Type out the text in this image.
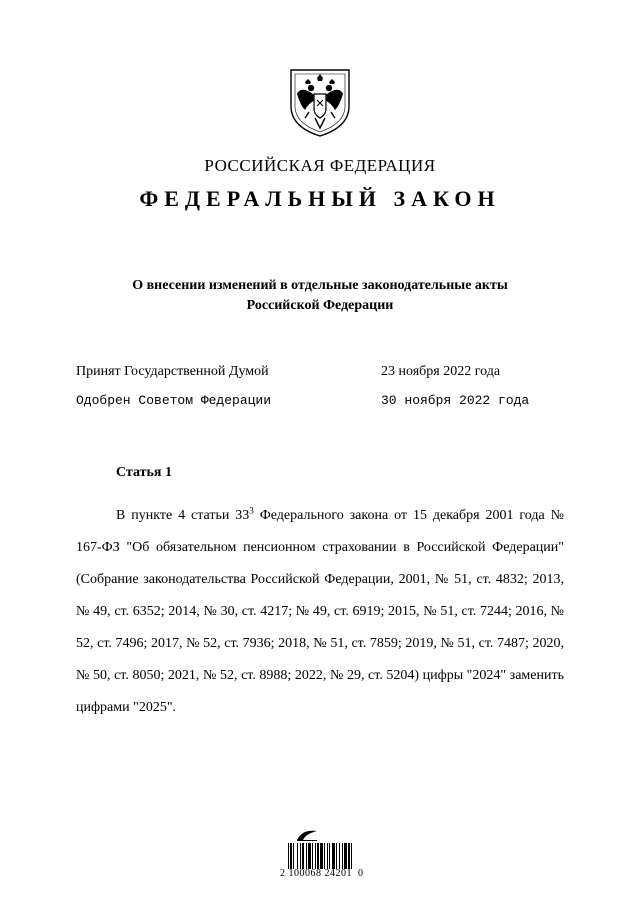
РОССИЙСКАЯ ФЕДЕРАЦИЯ
ФЕДЕРАЛЬНЫЙ ЗАКОН
О внесении изменений в отдельные законодательные акты
Российской Федерации
Принят Государственной Думой	23 ноября 2022 года
Одобрен Советом Федерации	30 ноября 2022 года
Статья 1

В пункте 4 статьи $33^3$ Федерального закона от 15 декабря 2001 года № 167-ФЗ "Об обязательном пенсионном страховании в Российской Федерации" (Собрание законодательства Российской Федерации, 2001, № 51, ст. 4832; 2013, № 49, ст. 6352; 2014, № 30, ст. 4217; № 49, ст. 6919; 2015, № 51, ст. 7244; 2016, № 52, ст. 7496; 2017, № 52, ст. 7936; 2018, № 51, ст. 7859; 2019, № 51, ст. 7487; 2020, № 50, ст. 8050; 2021, № 52, ст. 8988; 2022, № 29, ст. 5204) цифры "2024" заменить цифрами "2025".

2 100068 24201  0
